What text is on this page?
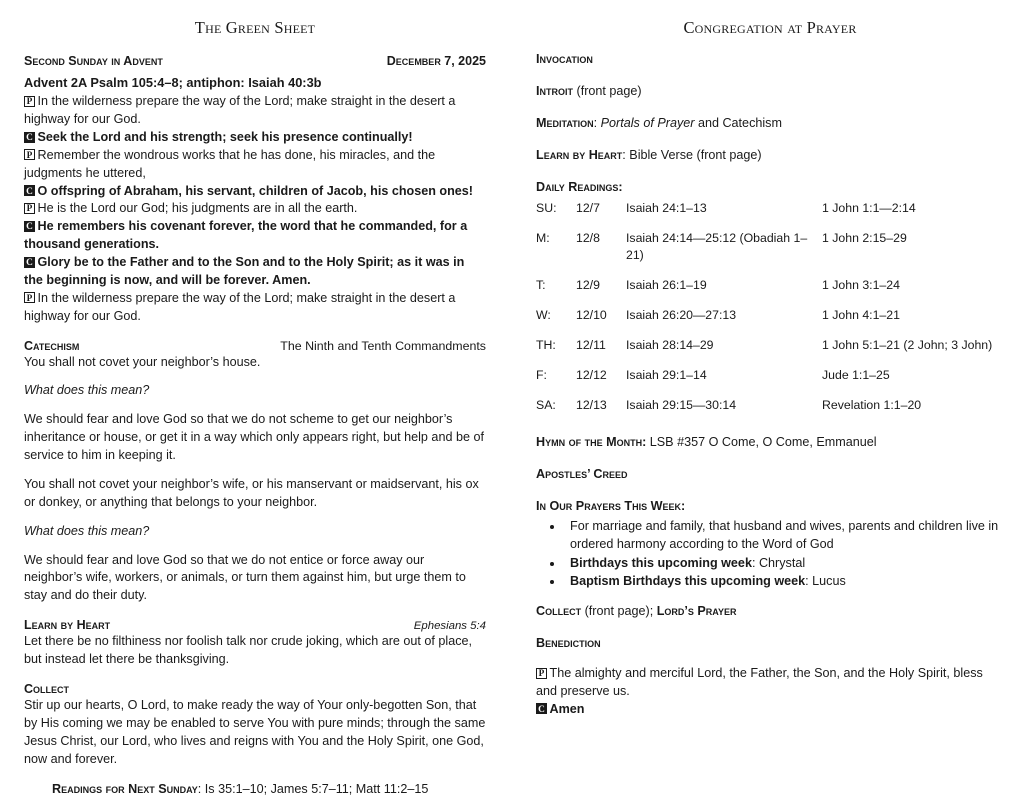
The Green Sheet
Second Sunday in Advent	December 7, 2025
Advent 2A Psalm 105:4–8; antiphon: Isaiah 40:3b

P In the wilderness prepare the way of the Lord; make straight in the desert a highway for our God.

C Seek the Lord and his strength; seek his presence continually!

P Remember the wondrous works that he has done, his miracles, and the judgments he uttered,

C O offspring of Abraham, his servant, children of Jacob, his chosen ones!

P He is the Lord our God; his judgments are in all the earth.

C He remembers his covenant forever, the word that he commanded, for a thousand generations.

C Glory be to the Father and to the Son and to the Holy Spirit; as it was in the beginning is now, and will be forever. Amen.

P In the wilderness prepare the way of the Lord; make straight in the desert a highway for our God.

Catechism	The Ninth and Tenth Commandments

You shall not covet your neighbor’s house.

What does this mean?

We should fear and love God so that we do not scheme to get our neighbor’s inheritance or house, or get it in a way which only appears right, but help and be of service to him in keeping it.

You shall not covet your neighbor’s wife, or his manservant or maidservant, his ox or donkey, or anything that belongs to your neighbor.

What does this mean?

We should fear and love God so that we do not entice or force away our neighbor’s wife, workers, or animals, or turn them against him, but urge them to stay and do their duty.

Learn by Heart	Ephesians 5:4

Let there be no filthiness nor foolish talk nor crude joking, which are out of place, but instead let there be thanksgiving.

Collect

Stir up our hearts, O Lord, to make ready the way of Your only-begotten Son, that by His coming we may be enabled to serve You with pure minds; through the same Jesus Christ, our Lord, who lives and reigns with You and the Holy Spirit, one God, now and forever.

Readings for Next Sunday: Is 35:1–10; James 5:7–11; Matt 11:2–15
Congregation at Prayer
Invocation
Introit (front page)
Meditation: Portals of Prayer and Catechism
Learn by Heart: Bible Verse (front page)
Daily Readings:
SU:	12/7	Isaiah 24:1–13	1 John 1:1—2:14
M:	12/8	Isaiah 24:14—25:12 (Obadiah 1–21)	1 John 2:15–29
T:	12/9	Isaiah 26:1–19	1 John 3:1–24
W:	12/10	Isaiah 26:20—27:13	1 John 4:1–21
TH:	12/11	Isaiah 28:14–29	1 John 5:1–21 (2 John; 3 John)
F:	12/12	Isaiah 29:1–14	Jude 1:1–25
SA:	12/13	Isaiah 29:15—30:14	Revelation 1:1–20
Hymn of the Month: LSB #357 O Come, O Come, Emmanuel
Apostles’ Creed
In Our Prayers This Week:
• For marriage and family, that husband and wives, parents and children live in ordered harmony according to the Word of God
• Birthdays this upcoming week: Chrystal
• Baptism Birthdays this upcoming week: Lucus
Collect (front page); Lord’s Prayer
Benediction
P The almighty and merciful Lord, the Father, the Son, and the Holy Spirit, bless and preserve us.
C Amen
